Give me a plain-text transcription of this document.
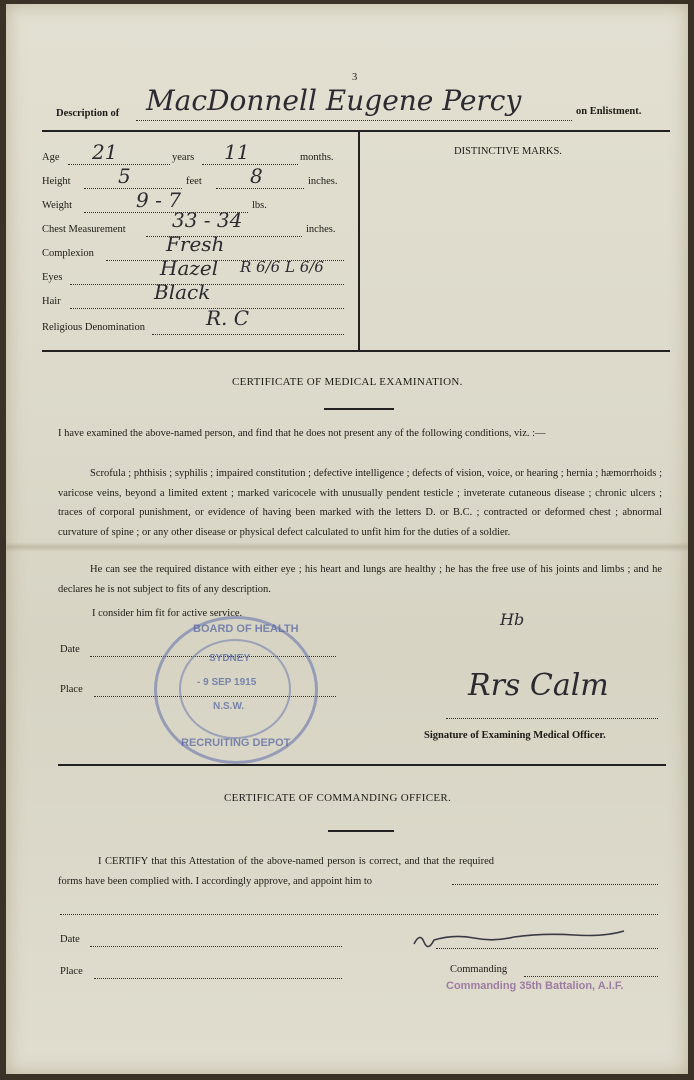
3
Description of MacDonnell Eugene Percy	on Enlistment.
Age 21	years 11	months.
Height 5	feet 8	inches.
Weight	9 - 7	lbs.
Chest Measurement 33 - 34	inches.
Complexion	Fresh
Eyes	Hazel R 6/6 L 6/6
Hair	Black
Religious Denomination	R. C
DISTINCTIVE MARKS.
CERTIFICATE OF MEDICAL EXAMINATION.
I have examined the above-named person, and find that he does not present any of the following conditions, viz. :—
Scrofula ; phthisis ; syphilis ; impaired constitution ; defective intelligence ; defects of vision, voice, or hearing ; hernia ; hæmorrhoids ; varicose veins, beyond a limited extent ; marked varicocele with unusually pendent testicle ; inveterate cutaneous disease ; chronic ulcers ; traces of corporal punishment, or evidence of having been marked with the letters D. or B.C. ; contracted or deformed chest ; abnormal curvature of spine ; or any other disease or physical defect calculated to unfit him for the duties of a soldier.
He can see the required distance with either eye ; his heart and lungs are healthy ; he has the free use of his joints and limbs ; and he declares he is not subject to fits of any description.
I consider him fit for active service.	Hb
Date
Place
BOARD OF HEALTH
SYDNEY
- 9 SEP 1915
N.S.W.
RECRUITING DEPOT
Rrs Calm
Signature of Examining Medical Officer.
CERTIFICATE OF COMMANDING OFFICER.
I CERTIFY that this Attestation of the above-named person is correct, and that the required forms have been complied with. I accordingly approve, and appoint him to
Date
Place	Commanding
Commanding 35th Battalion, A.I.F.
